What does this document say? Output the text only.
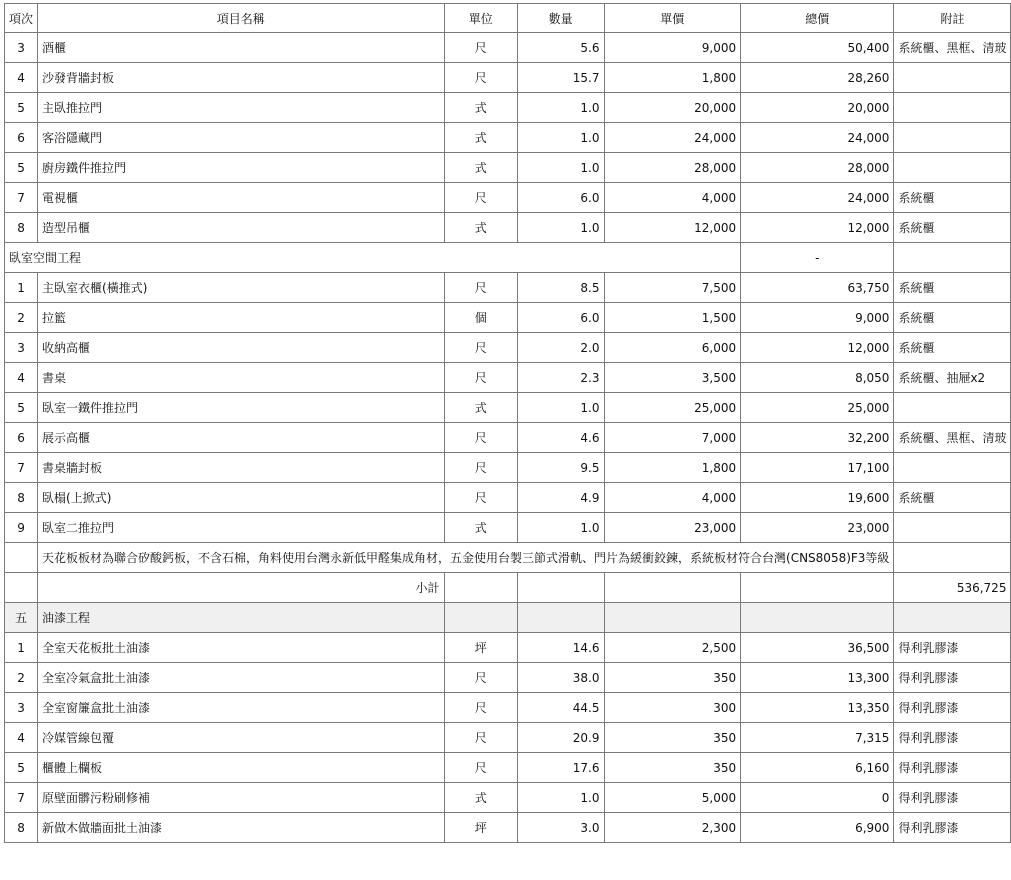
項次	項目名稱	單位	數量	單價	總價	附註
3	酒櫃	尺	5.6	9,000	50,400	系統櫃、黑框、清玻
4	沙發背牆封板	尺	15.7	1,800	28,260	
5	主臥推拉門	式	1.0	20,000	20,000	
6	客浴隱藏門	式	1.0	24,000	24,000	
5	廚房鐵件推拉門	式	1.0	28,000	28,000	
7	電視櫃	尺	6.0	4,000	24,000	系統櫃
8	造型吊櫃	式	1.0	12,000	12,000	系統櫃
臥室空間工程					-	
1	主臥室衣櫃(橫推式)	尺	8.5	7,500	63,750	系統櫃
2	拉籃	個	6.0	1,500	9,000	系統櫃
3	收納高櫃	尺	2.0	6,000	12,000	系統櫃
4	書桌	尺	2.3	3,500	8,050	系統櫃、抽屜x2
5	臥室一鐵件推拉門	式	1.0	25,000	25,000	
6	展示高櫃	尺	4.6	7,000	32,200	系統櫃、黑框、清玻
7	書桌牆封板	尺	9.5	1,800	17,100	
8	臥榻(上掀式)	尺	4.9	4,000	19,600	系統櫃
9	臥室二推拉門	式	1.0	23,000	23,000	
	天花板板材為聯合矽酸鈣板，不含石棉，角料使用台灣永新低甲醛集成角材，五金使用台製三節式滑軌、門片為緩衝鉸鍊，系統板材符合台灣(CNS8058)F3等級					
	小計					536,725
五	油漆工程					
1	全室天花板批土油漆	坪	14.6	2,500	36,500	得利乳膠漆
2	全室冷氣盒批土油漆	尺	38.0	350	13,300	得利乳膠漆
3	全室窗簾盒批土油漆	尺	44.5	300	13,350	得利乳膠漆
4	冷媒管線包覆	尺	20.9	350	7,315	得利乳膠漆
5	櫃體上欄板	尺	17.6	350	6,160	得利乳膠漆
7	原壁面髒污粉刷修補	式	1.0	5,000	0	得利乳膠漆
8	新做木做牆面批土油漆	坪	3.0	2,300	6,900	得利乳膠漆
